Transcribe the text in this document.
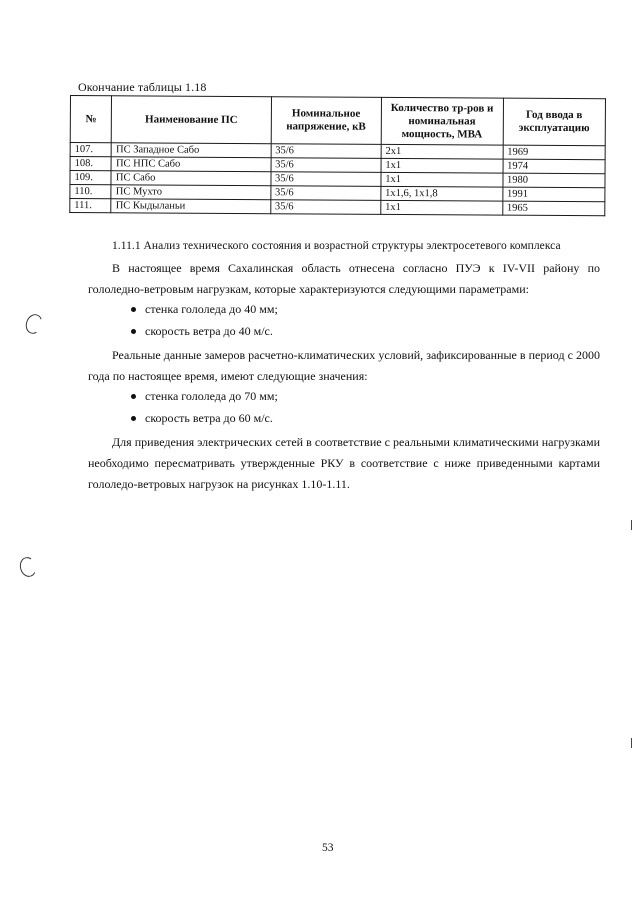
Окончание таблицы 1.18
№	Наименование ПС	Номинальное напряжение, кВ	Количество тр-ров и номинальная мощность, МВА	Год ввода в эксплуатацию
107.	ПС Западное Сабо	35/6	2x1	1969
108.	ПС НПС Сабо	35/6	1x1	1974
109.	ПС Сабо	35/6	1x1	1980
110.	ПС Мухто	35/6	1x1,6, 1x1,8	1991
111.	ПС Кыдыланьи	35/6	1x1	1965
1.11.1 Анализ технического состояния и возрастной структуры электросетевого комплекса
В настоящее время Сахалинская область отнесена согласно ПУЭ к IV-VII району по гололедно-ветровым нагрузкам, которые характеризуются следующими параметрами:
стенка гололеда до 40 мм;
скорость ветра до 40 м/с.
Реальные данные замеров расчетно-климатических условий, зафиксированные в период с 2000 года по настоящее время, имеют следующие значения:
стенка гололеда до 70 мм;
скорость ветра до 60 м/с.
Для приведения электрических сетей в соответствие с реальными климатическими нагрузками необходимо пересматривать утвержденные РКУ в соответствие с ниже приведенными картами гололедо-ветровых нагрузок на рисунках 1.10-1.11.
53
